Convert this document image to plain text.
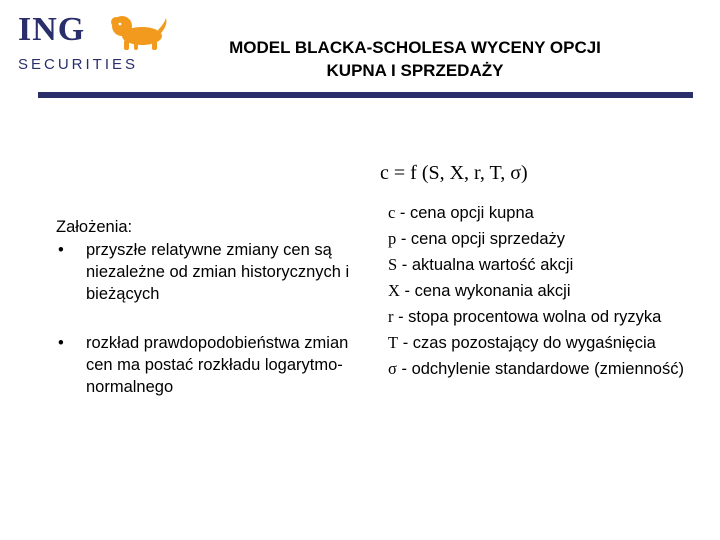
ING
SECURITIES
MODEL BLACKA-SCHOLESA WYCENY OPCJI
KUPNA I SPRZEDAŻY
c = f (S, X, r, T, σ)
Założenia:
• przyszłe relatywne zmiany cen są niezależne od zmian historycznych i bieżących
• rozkład prawdopodobieństwa zmian cen ma postać rozkładu logarytmo-normalnego
c - cena opcji kupna
p - cena opcji sprzedaży
S - aktualna wartość akcji
X - cena wykonania akcji
r - stopa procentowa wolna od ryzyka
T - czas pozostający do wygaśnięcia
σ - odchylenie standardowe (zmienność)
